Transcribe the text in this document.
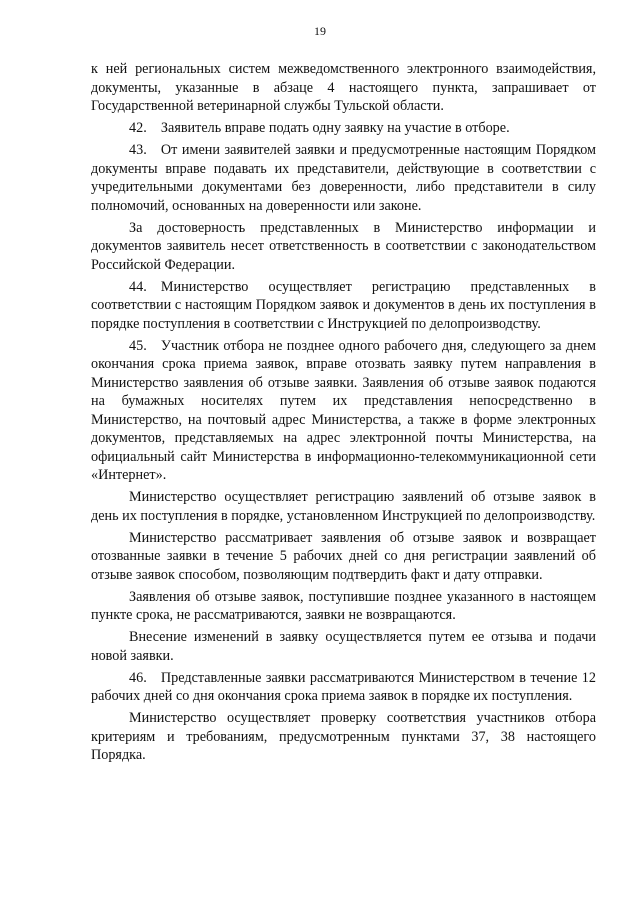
19

к ней региональных систем межведомственного электронного взаимодействия, документы, указанные в абзаце 4 настоящего пункта, запрашивает от Государственной ветеринарной службы Тульской области.

42. Заявитель вправе подать одну заявку на участие в отборе.

43. От имени заявителей заявки и предусмотренные настоящим Порядком документы вправе подавать их представители, действующие в соответствии с учредительными документами без доверенности, либо представители в силу полномочий, основанных на доверенности или законе.

За достоверность представленных в Министерство информации и документов заявитель несет ответственность в соответствии с законодательством Российской Федерации.

44. Министерство осуществляет регистрацию представленных в соответствии с настоящим Порядком заявок и документов в день их поступления в порядке поступления в соответствии с Инструкцией по делопроизводству.

45. Участник отбора не позднее одного рабочего дня, следующего за днем окончания срока приема заявок, вправе отозвать заявку путем направления в Министерство заявления об отзыве заявки. Заявления об отзыве заявок подаются на бумажных носителях путем их представления непосредственно в Министерство, на почтовый адрес Министерства, а также в форме электронных документов, представляемых на адрес электронной почты Министерства, на официальный сайт Министерства в информационно-телекоммуникационной сети «Интернет».

Министерство осуществляет регистрацию заявлений об отзыве заявок в день их поступления в порядке, установленном Инструкцией по делопроизводству.

Министерство рассматривает заявления об отзыве заявок и возвращает отозванные заявки в течение 5 рабочих дней со дня регистрации заявлений об отзыве заявок способом, позволяющим подтвердить факт и дату отправки.

Заявления об отзыве заявок, поступившие позднее указанного в настоящем пункте срока, не рассматриваются, заявки не возвращаются.

Внесение изменений в заявку осуществляется путем ее отзыва и подачи новой заявки.

46. Представленные заявки рассматриваются Министерством в течение 12 рабочих дней со дня окончания срока приема заявок в порядке их поступления.

Министерство осуществляет проверку соответствия участников отбора критериям и требованиям, предусмотренным пунктами 37, 38 настоящего Порядка.
